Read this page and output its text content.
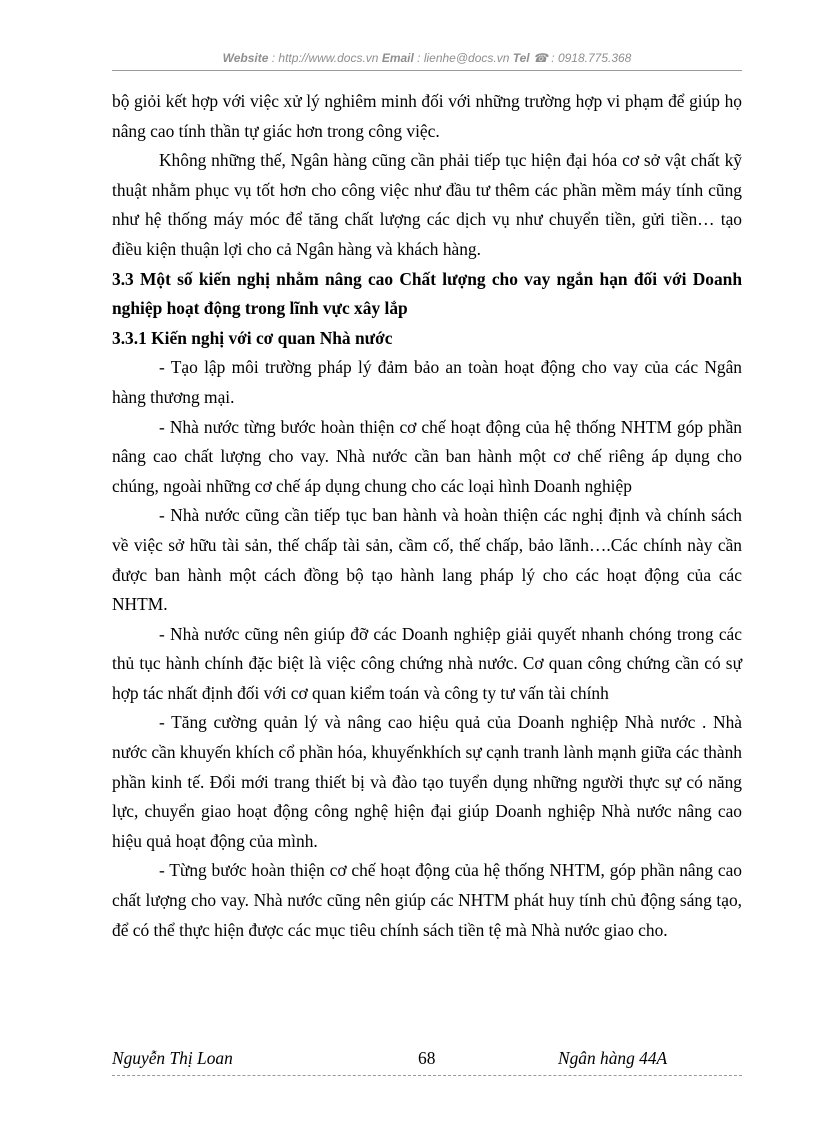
Website : http://www.docs.vn Email : lienhe@docs.vn Tel ☎ : 0918.775.368

bộ giỏi kết hợp với việc xử lý nghiêm minh đối với những trường hợp vi phạm để giúp họ nâng cao tính thần tự giác hơn trong công việc.

Không những thế, Ngân hàng cũng cần phải tiếp tục hiện đại hóa cơ sở vật chất kỹ thuật nhằm phục vụ tốt hơn cho công việc như đầu tư thêm các phần mềm máy tính cũng như hệ thống máy móc để tăng chất lượng các dịch vụ như chuyển tiền, gửi tiền… tạo điều kiện thuận lợi cho cả Ngân hàng và khách hàng.

3.3 Một số kiến nghị nhằm nâng cao Chất lượng cho vay ngắn hạn đối với Doanh nghiệp hoạt động trong lĩnh vực xây lắp

3.3.1 Kiến nghị với cơ quan Nhà nước

- Tạo lập môi trường pháp lý đảm bảo an toàn hoạt động cho vay của các Ngân hàng thương mại.

- Nhà nước từng bước hoàn thiện cơ chế hoạt động của hệ thống NHTM góp phần nâng cao chất lượng cho vay. Nhà nước cần ban hành một cơ chế riêng áp dụng cho chúng, ngoài những cơ chế áp dụng chung cho các loại hình Doanh nghiệp

- Nhà nước cũng cần tiếp tục ban hành và hoàn thiện các nghị định và chính sách về việc sở hữu tài sản, thế chấp tài sản, cầm cố, thế chấp, bảo lãnh….Các chính này cần được ban hành một cách đồng bộ tạo hành lang pháp lý cho các hoạt động của các NHTM.

- Nhà nước cũng nên giúp đỡ các Doanh nghiệp giải quyết nhanh chóng trong các thủ tục hành chính đặc biệt là việc công chứng nhà nước. Cơ quan công chứng cần có sự hợp tác nhất định đối với cơ quan kiểm toán và công ty tư vấn tài chính

- Tăng cường quản lý và nâng cao hiệu quả của Doanh nghiệp Nhà nước . Nhà nước cần khuyến khích cổ phần hóa, khuyếnkhích sự cạnh tranh lành mạnh giữa các thành phần kinh tế. Đổi mới trang thiết bị và đào tạo tuyển dụng những người thực sự có năng lực, chuyển giao hoạt động công nghệ hiện đại giúp Doanh nghiệp Nhà nước nâng cao hiệu quả hoạt động của mình.

- Từng bước hoàn thiện cơ chế hoạt động của hệ thống NHTM, góp phần nâng cao chất lượng cho vay. Nhà nước cũng nên giúp các NHTM phát huy tính chủ động sáng tạo, để có thể thực hiện được các mục tiêu chính sách tiền tệ mà Nhà nước giao cho.

Nguyễn Thị Loan	68	Ngân hàng 44A
